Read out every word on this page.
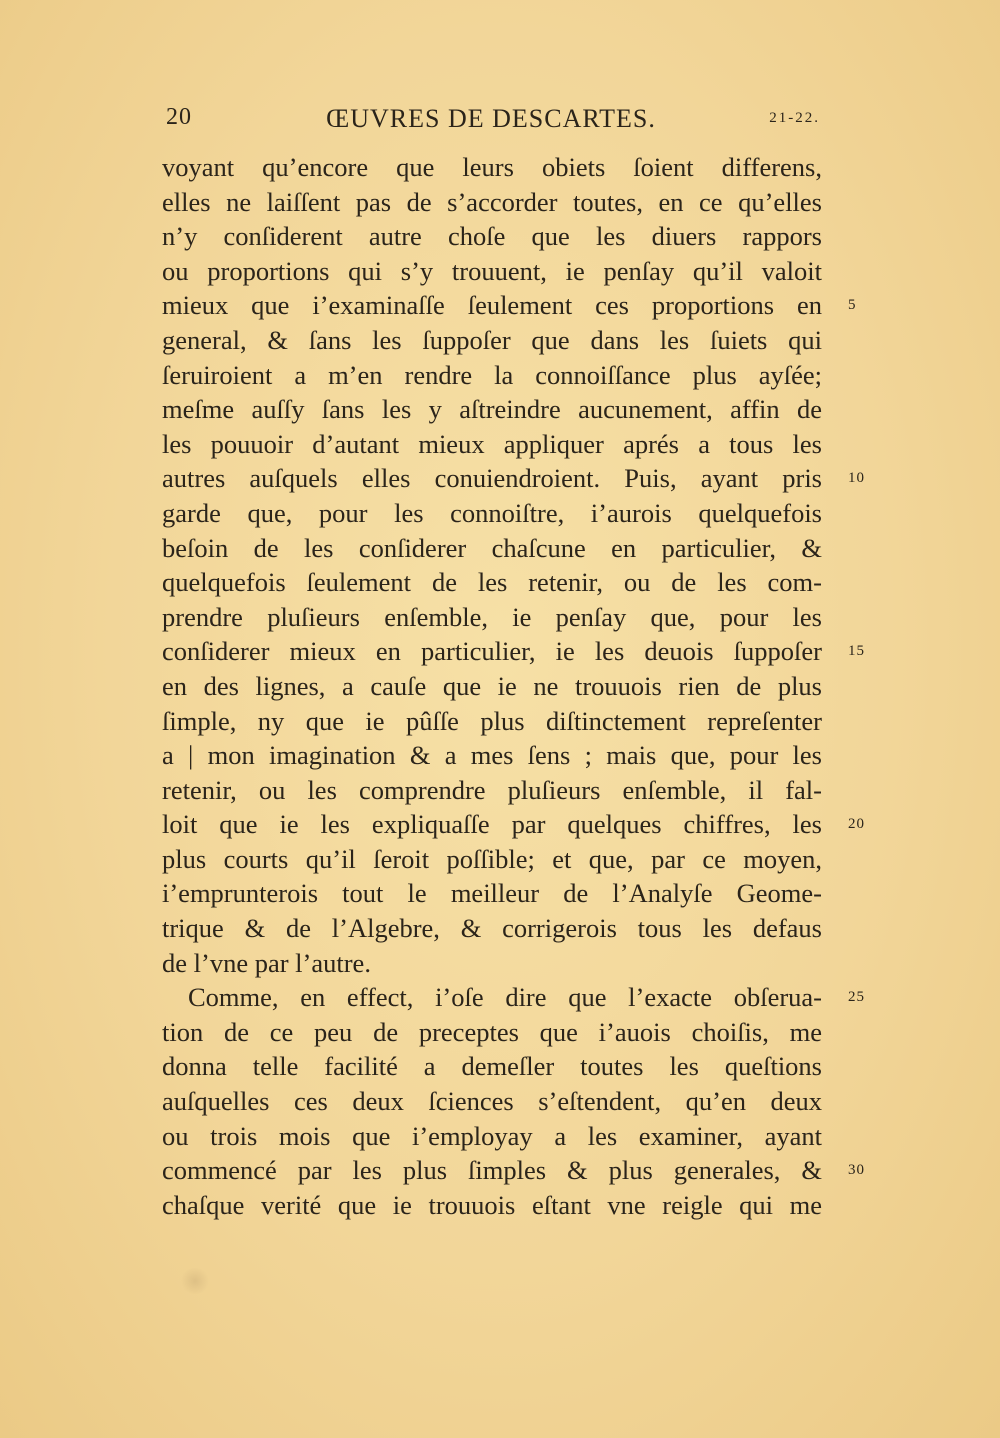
20	ŒUVRES DE DESCARTES.	21-22.
voyant qu’encore que leurs obiets ſoient differens,
elles ne laiſſent pas de s’accorder toutes, en ce qu’elles
n’y conſiderent autre choſe que les diuers rappors
ou proportions qui s’y trouuent, ie penſay qu’il valoit
mieux que i’examinaſſe ſeulement ces proportions en 5
general, & ſans les ſuppoſer que dans les ſuiets qui
ſeruiroient a m’en rendre la connoiſſance plus ayſée;
meſme auſſy ſans les y aſtreindre aucunement, affin de
les pouuoir d’autant mieux appliquer aprés a tous les
autres auſquels elles conuiendroient. Puis, ayant pris 10
garde que, pour les connoiſtre, i’aurois quelquefois
beſoin de les conſiderer chaſcune en particulier, &
quelquefois ſeulement de les retenir, ou de les com-
prendre pluſieurs enſemble, ie penſay que, pour les
conſiderer mieux en particulier, ie les deuois ſuppoſer 15
en des lignes, a cauſe que ie ne trouuois rien de plus
ſimple, ny que ie pûſſe plus diſtinctement repreſenter
a | mon imagination & a mes ſens ; mais que, pour les
retenir, ou les comprendre pluſieurs enſemble, il fal-
loit que ie les expliquaſſe par quelques chiffres, les 20
plus courts qu’il ſeroit poſſible; et que, par ce moyen,
i’emprunterois tout le meilleur de l’Analyſe Geome-
trique & de l’Algebre, & corrigerois tous les defaus
de l’vne par l’autre.
Comme, en effect, i’oſe dire que l’exacte obſerua- 25
tion de ce peu de preceptes que i’auois choiſis, me
donna telle facilité a demeſler toutes les queſtions
auſquelles ces deux ſciences s’eſtendent, qu’en deux
ou trois mois que i’employay a les examiner, ayant
commencé par les plus ſimples & plus generales, & 30
chaſque verité que ie trouuois eſtant vne reigle qui me
